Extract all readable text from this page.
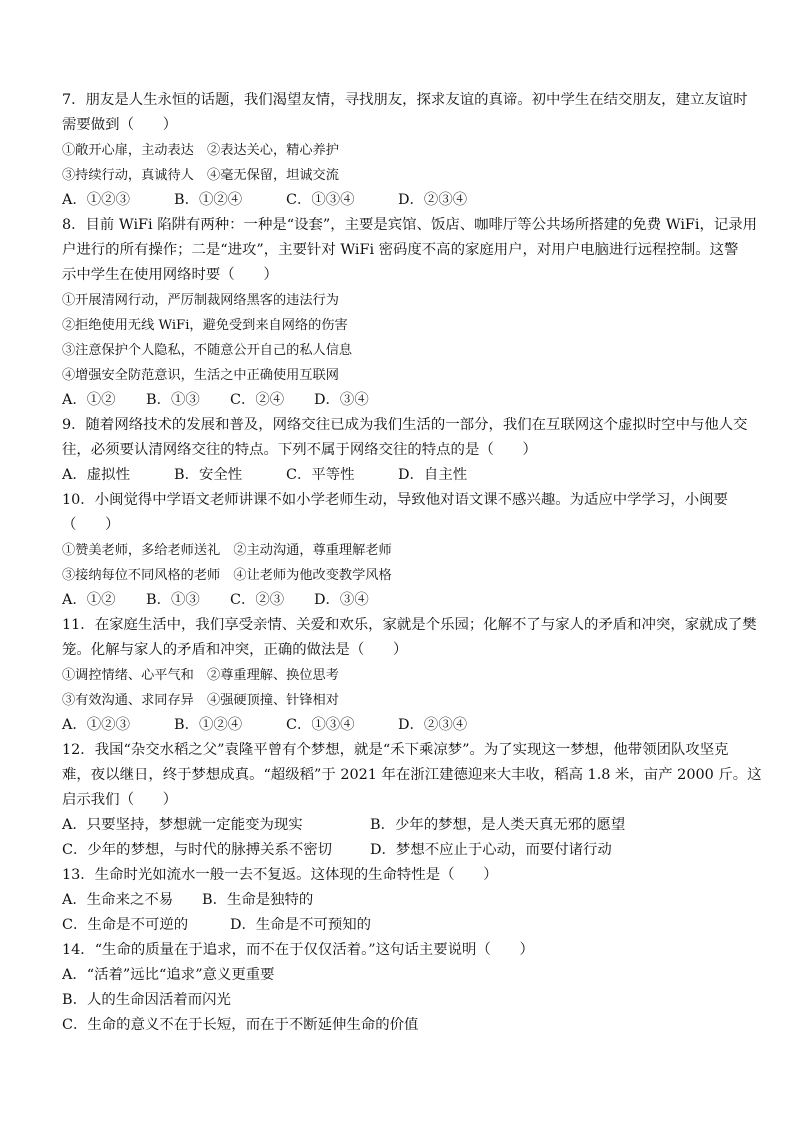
7．朋友是人生永恒的话题，我们渴望友情，寻找朋友，探求友谊的真谛。初中学生在结交朋友，建立友谊时
需要做到（　　）
①敞开心扉，主动表达　②表达关心，精心养护
③持续行动，真诚待人　④毫无保留，坦诚交流
A．①②③	B．①②④	C．①③④	D．②③④
8．目前 WiFi 陷阱有两种：一种是“设套”，主要是宾馆、饭店、咖啡厅等公共场所搭建的免费 WiFi，记录用
户进行的所有操作；二是“进攻”，主要针对 WiFi 密码度不高的家庭用户，对用户电脑进行远程控制。这警
示中学生在使用网络时要（　　）
①开展清网行动，严厉制裁网络黑客的违法行为
②拒绝使用无线 WiFi，避免受到来自网络的伤害
③注意保护个人隐私，不随意公开自己的私人信息
④增强安全防范意识，生活之中正确使用互联网
A．①②	B．①③	C．②④	D．③④
9．随着网络技术的发展和普及，网络交往已成为我们生活的一部分，我们在互联网这个虚拟时空中与他人交
往，必须要认清网络交往的特点。下列不属于网络交往的特点的是（　　）
A．虚拟性	B．安全性	C．平等性	D．自主性
10．小闽觉得中学语文老师讲课不如小学老师生动，导致他对语文课不感兴趣。为适应中学学习，小闽要
（　　）
①赞美老师，多给老师送礼　②主动沟通，尊重理解老师
③接纳每位不同风格的老师　④让老师为他改变教学风格
A．①②	B．①③	C．②③	D．③④
11．在家庭生活中，我们享受亲情、关爱和欢乐，家就是个乐园；化解不了与家人的矛盾和冲突，家就成了樊
笼。化解与家人的矛盾和冲突，正确的做法是（　　）
①调控情绪、心平气和　②尊重理解、换位思考
③有效沟通、求同存异　④强硬顶撞、针锋相对
A．①②③	B．①②④	C．①③④	D．②③④
12．我国“杂交水稻之父”袁隆平曾有个梦想，就是“禾下乘凉梦”。为了实现这一梦想，他带领团队攻坚克
难，夜以继日，终于梦想成真。“超级稻”于 2021 年在浙江建德迎来大丰收，稻高 1.8 米，亩产 2000 斤。这
启示我们（　　）
A．只要坚持，梦想就一定能变为现实	B．少年的梦想，是人类天真无邪的愿望
C．少年的梦想，与时代的脉搏关系不密切	D．梦想不应止于心动，而要付诸行动
13．生命时光如流水一般一去不复返。这体现的生命特性是（　　）
A．生命来之不易	B．生命是独特的
C．生命是不可逆的	D．生命是不可预知的
14．“生命的质量在于追求，而不在于仅仅活着。”这句话主要说明（　　）
A．“活着”远比“追求”意义更重要
B．人的生命因活着而闪光
C．生命的意义不在于长短，而在于不断延伸生命的价值
